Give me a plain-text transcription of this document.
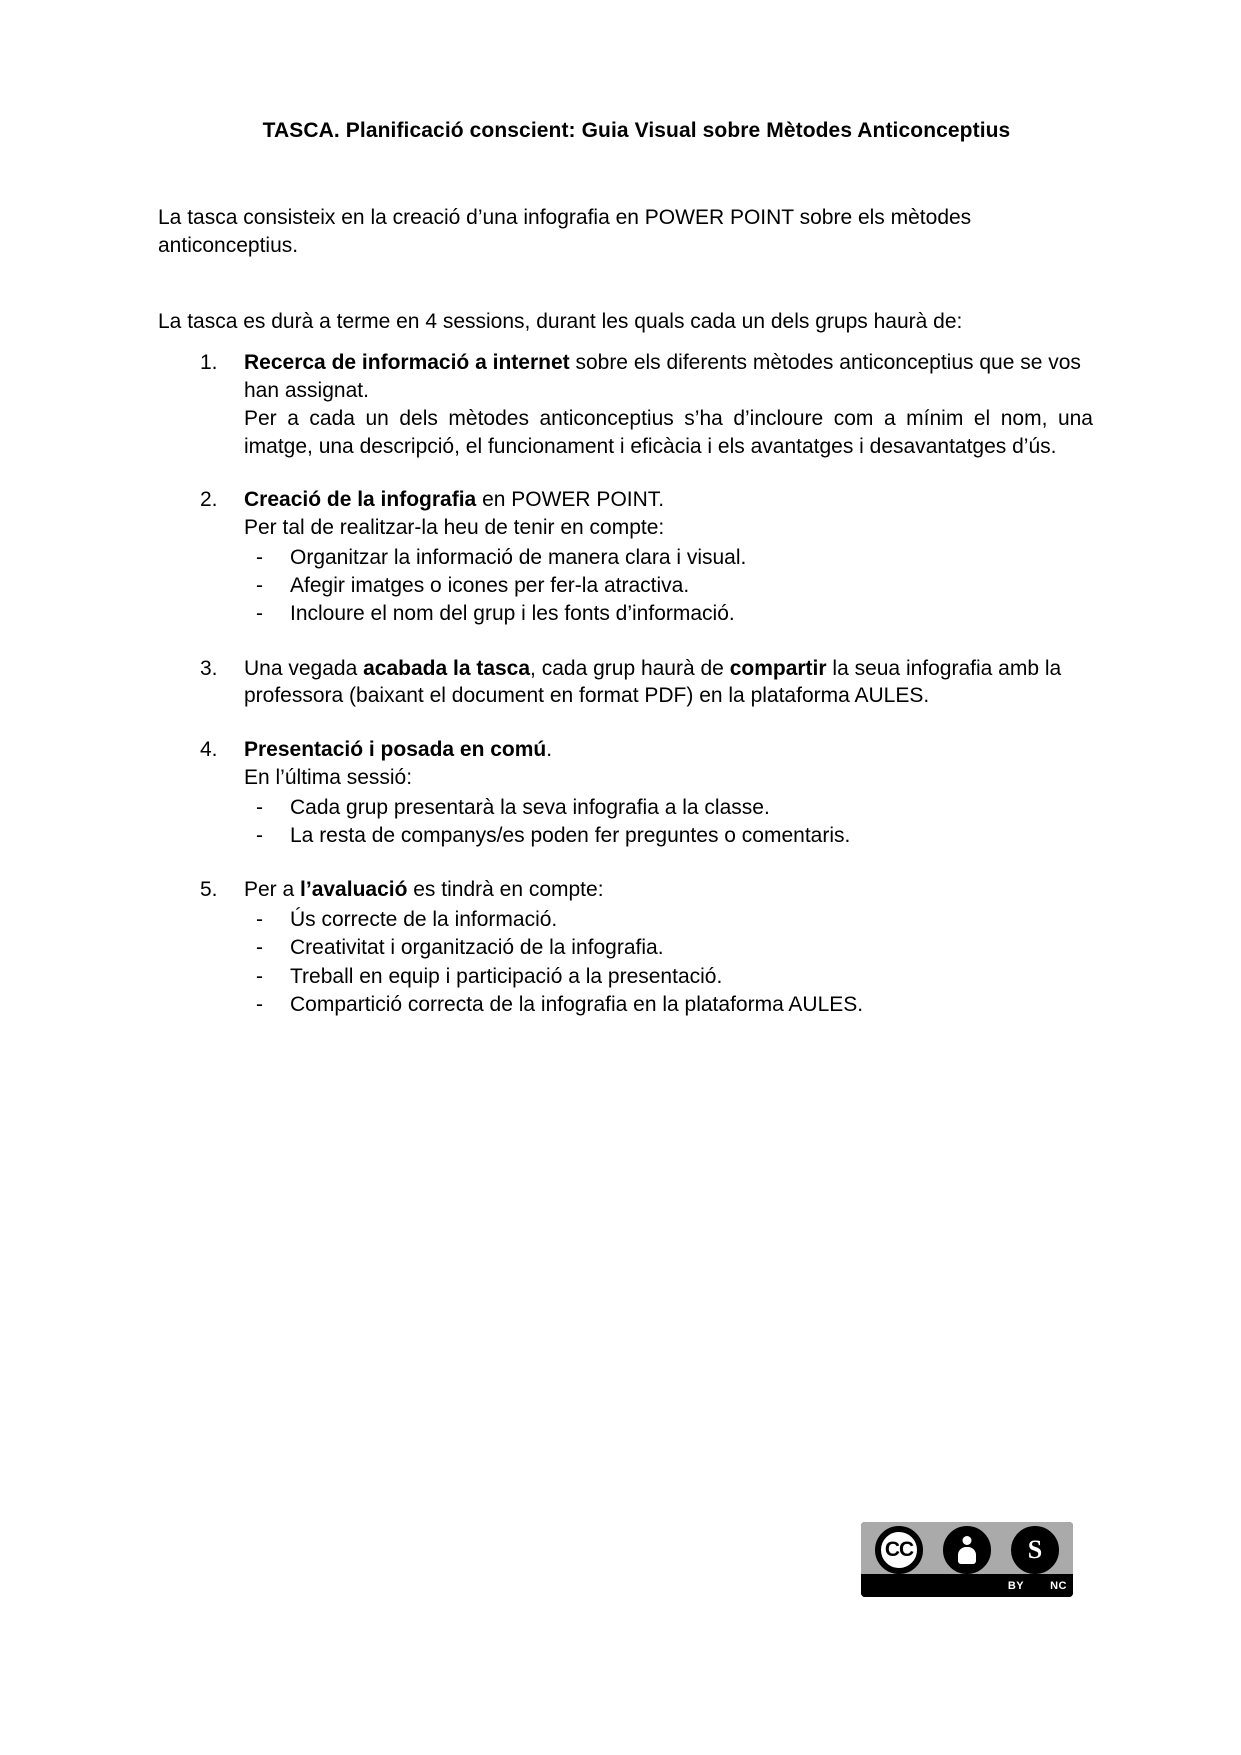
TASCA. Planificació conscient: Guia Visual sobre Mètodes Anticonceptius

La tasca consisteix en la creació d’una infografia en POWER POINT sobre els mètodes anticonceptius.

La tasca es durà a terme en 4 sessions, durant les quals cada un dels grups haurà de:

1.	Recerca de informació a internet sobre els diferents mètodes anticonceptius que se vos han assignat.
Per a cada un dels mètodes anticonceptius s’ha d’incloure com a mínim el nom, una imatge, una descripció, el funcionament i eficàcia i els avantatges i desavantatges d’ús.
2.	Creació de la infografia en POWER POINT.
Per tal de realitzar-la heu de tenir en compte:
- Organitzar la informació de manera clara i visual.
- Afegir imatges o icones per fer-la atractiva.
- Incloure el nom del grup i les fonts d’informació.
3.	Una vegada acabada la tasca, cada grup haurà de compartir la seua infografia amb la professora (baixant el document en format PDF) en la plataforma AULES.
4.	Presentació i posada en comú.
En l’última sessió:
- Cada grup presentarà la seva infografia a la classe.
- La resta de companys/es poden fer preguntes o comentaris.
5.	Per a l’avaluació es tindrà en compte:
- Ús correcte de la informació.
- Creativitat i organització de la infografia.
- Treball en equip i participació a la presentació.
- Compartició correcta de la infografia en la plataforma AULES.
CC	S
BY NC
